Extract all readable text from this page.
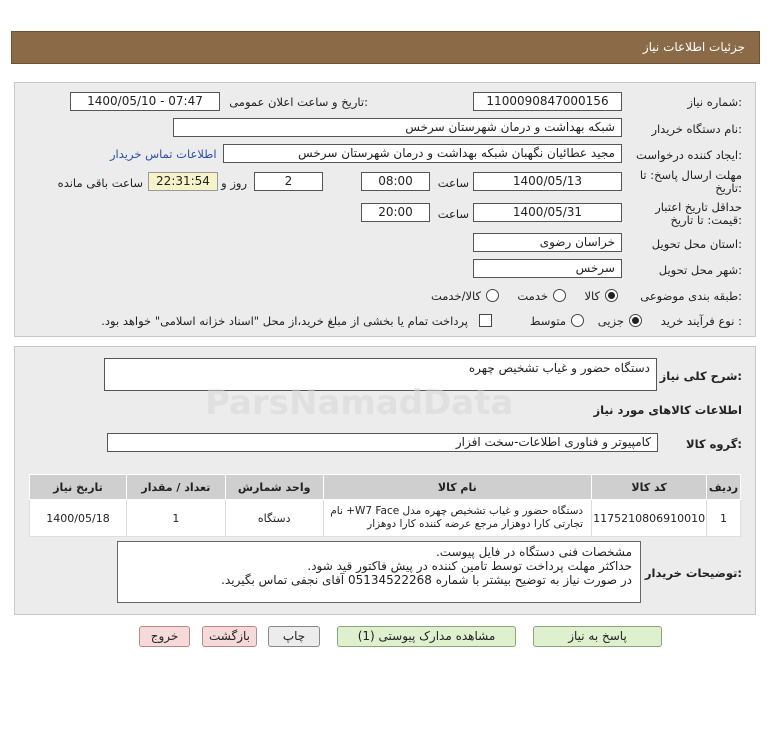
ParsNamadData
جزئیات اطلاعات نیاز
شماره نیاز:
1100090847000156
تاریخ و ساعت اعلان عمومی:
1400/05/10 - 07:47
نام دستگاه خریدار:
شبکه بهداشت و درمان شهرستان سرخس
ایجاد کننده درخواست:
مجید عطائیان نگهبان شبکه بهداشت و درمان شهرستان سرخس
اطلاعات تماس خریدار
مهلت ارسال پاسخ: تا
تاریخ:
1400/05/13
ساعت
08:00
2
روز و
22:31:54
ساعت باقی مانده
حداقل تاریخ اعتبار
قیمت: تا تاریخ:
1400/05/31
ساعت
20:00
استان محل تحویل:
خراسان رضوی
شهر محل تحویل:
سرخس
طبقه بندی موضوعی:
کالا
خدمت
کالا/خدمت
نوع فرآیند خرید :
جزیی
متوسط
پرداخت تمام یا بخشی از مبلغ خرید،از محل "اسناد خزانه اسلامی" خواهد بود.
شرح کلی نیاز:
دستگاه حضور و غیاب تشخیص چهره
اطلاعات کالاهای مورد نیاز
گروه کالا:
کامپیوتر و فناوری اطلاعات-سخت افزار
تاریخ نیاز	تعداد / مقدار	واحد شمارش	نام کالا	کد کالا	ردیف
1400/05/18	1	دستگاه	دستگاه حضور و غیاب تشخیص چهره مدل W7 Face+ نام
تجارتی کارا دوهزار مرجع عرضه کننده کارا دوهزار	1175210806910010	1
توضیحات خریدار:
مشخصات فنی دستگاه در فایل پیوست.
حداکثر مهلت پرداخت توسط تامین کننده در پیش فاکتور قید شود.
در صورت نیاز به توضیح بیشتر با شماره 05134522268 آقای نجفی تماس بگیرید.
پاسخ به نیاز
مشاهده مدارک پیوستی (1)
چاپ
بازگشت
خروج
